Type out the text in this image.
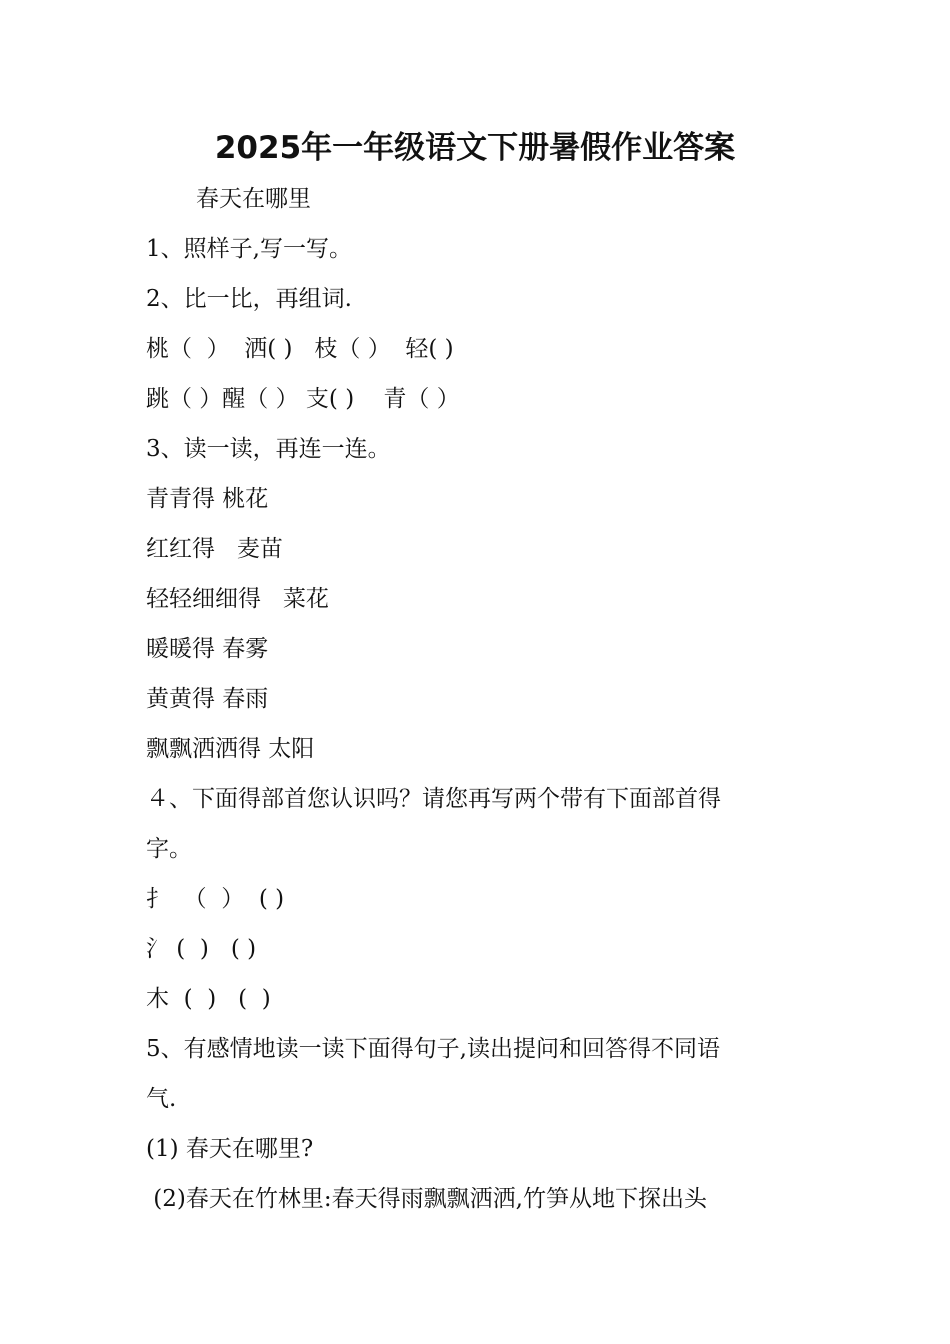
2025年一年级语文下册暑假作业答案
春天在哪里
1、照样子,写一写。
2、比一比，再组词.
桃（  ）  洒( )   枝（ ）  轻( )
跳（ ）醒（ ） 支( )    青（ ）
3、读一读，再连一连。
青青得 桃花
红红得   麦苗
轻轻细细得   菜花
暖暖得 春雾
黄黄得 春雨
飘飘洒洒得 太阳
４、下面得部首您认识吗？请您再写两个带有下面部首得
字。
扌  （  ）  ( )
氵 (  )   ( )
木  (  )   (  )
5、有感情地读一读下面得句子,读出提问和回答得不同语
气.
(1) 春天在哪里?
(2)春天在竹林里:春天得雨飘飘洒洒,竹笋从地下探出头
